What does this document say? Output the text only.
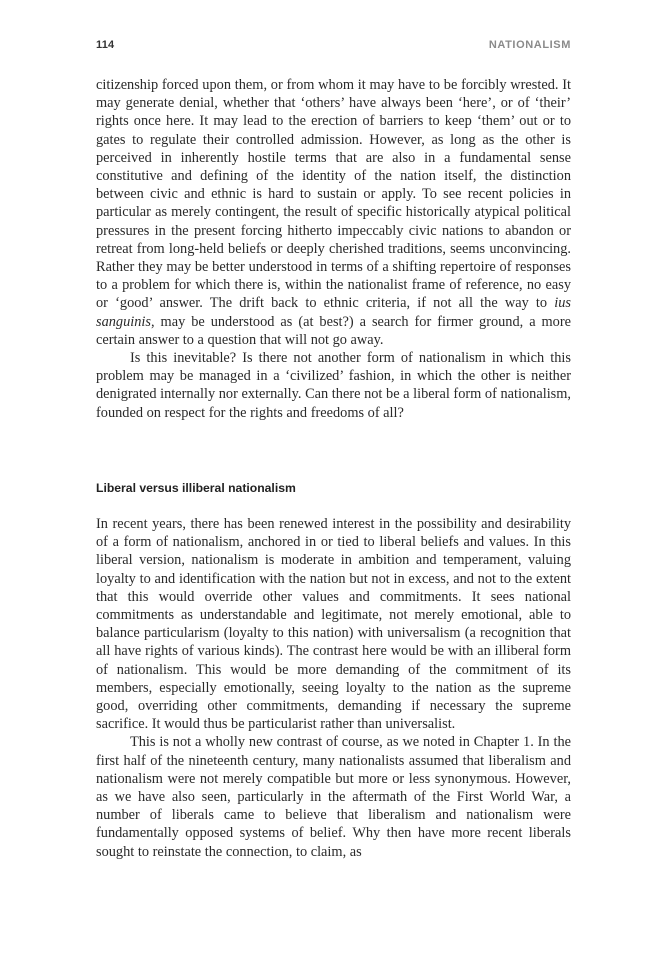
114	NATIONALISM

citizenship forced upon them, or from whom it may have to be forcibly wrested. It may generate denial, whether that ‘others’ have always been ‘here’, or of ‘their’ rights once here. It may lead to the erection of barriers to keep ‘them’ out or to gates to regulate their controlled admission. However, as long as the other is perceived in inherently hostile terms that are also in a fundamental sense constitutive and defining of the identity of the nation itself, the distinction between civic and ethnic is hard to sustain or apply. To see recent policies in particular as merely contingent, the result of specific historically atypical political pressures in the present forcing hitherto impeccably civic nations to abandon or retreat from long-held beliefs or deeply cherished traditions, seems unconvincing. Rather they may be better understood in terms of a shifting repertoire of responses to a problem for which there is, within the nationalist frame of reference, no easy or ‘good’ answer. The drift back to ethnic criteria, if not all the way to ius sanguinis, may be understood as (at best?) a search for firmer ground, a more certain answer to a question that will not go away.

Is this inevitable? Is there not another form of nationalism in which this problem may be managed in a ‘civilized’ fashion, in which the other is neither denigrated internally nor externally. Can there not be a liberal form of nationalism, founded on respect for the rights and freedoms of all?

Liberal versus illiberal nationalism

In recent years, there has been renewed interest in the possibility and desirability of a form of nationalism, anchored in or tied to liberal beliefs and values. In this liberal version, nationalism is moderate in ambition and temperament, valuing loyalty to and identification with the nation but not in excess, and not to the extent that this would override other values and commitments. It sees national commitments as understandable and legitimate, not merely emotional, able to balance particularism (loyalty to this nation) with universalism (a recognition that all have rights of various kinds). The contrast here would be with an illiberal form of nationalism. This would be more demanding of the commitment of its members, especially emotionally, seeing loyalty to the nation as the supreme good, overriding other commitments, demanding if necessary the supreme sacrifice. It would thus be particularist rather than universalist.

This is not a wholly new contrast of course, as we noted in Chapter 1. In the first half of the nineteenth century, many nationalists assumed that liberalism and nationalism were not merely compatible but more or less synonymous. However, as we have also seen, particularly in the aftermath of the First World War, a number of liberals came to believe that liberalism and nationalism were fundamentally opposed systems of belief. Why then have more recent liberals sought to reinstate the connection, to claim, as
